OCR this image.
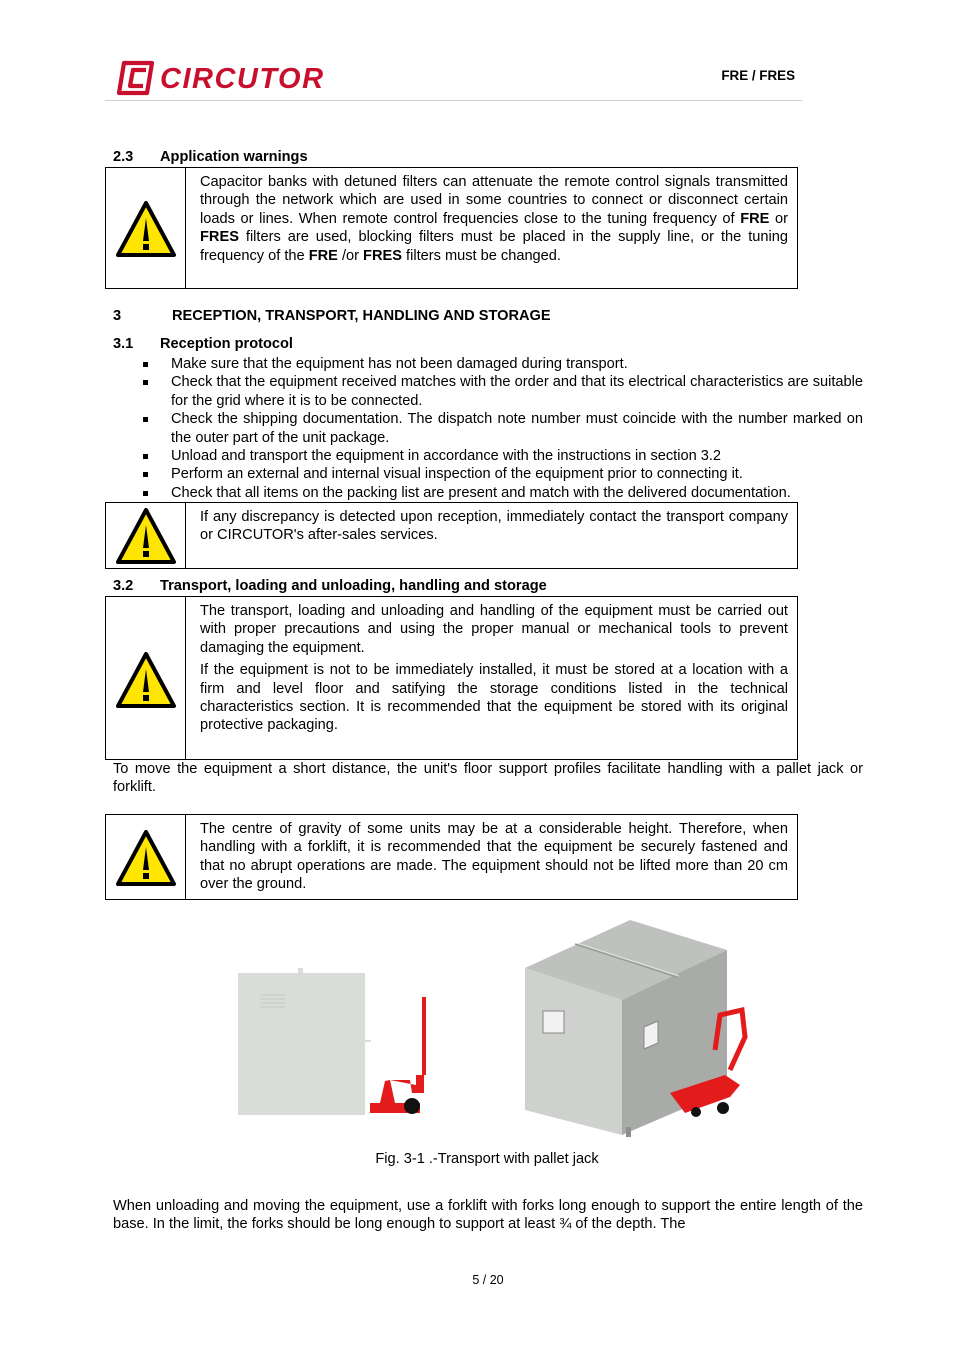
CIRCUTOR	FRE / FRES
2.3 Application warnings
Capacitor banks with detuned filters can attenuate the remote control signals transmitted through the network which are used in some countries to connect or disconnect certain loads or lines. When remote control frequencies close to the tuning frequency of FRE or FRES filters are used, blocking filters must be placed in the supply line, or the tuning frequency of the FRE /or FRES filters must be changed.
3	RECEPTION, TRANSPORT, HANDLING AND STORAGE
3.1 Reception protocol
Make sure that the equipment has not been damaged during transport.
Check that the equipment received matches with the order and that its electrical characteristics are suitable for the grid where it is to be connected.
Check the shipping documentation. The dispatch note number must coincide with the number marked on the outer part of the unit package.
Unload and transport the equipment in accordance with the instructions in section 3.2
Perform an external and internal visual inspection of the equipment prior to connecting it.
Check that all items on the packing list are present and match with the delivered documentation.
If any discrepancy is detected upon reception, immediately contact the transport company or CIRCUTOR's after-sales services.
3.2 Transport, loading and unloading, handling and storage

The transport, loading and unloading and handling of the equipment must be carried out with proper precautions and using the proper manual or mechanical tools to prevent damaging the equipment.

If the equipment is not to be immediately installed, it must be stored at a location with a firm and level floor and satifying the storage conditions listed in the technical characteristics section. It is recommended that the equipment be stored with its original protective packaging.

To move the equipment a short distance, the unit's floor support profiles facilitate handling with a pallet jack or forklift.
The centre of gravity of some units may be at a considerable height. Therefore, when handling with a forklift, it is recommended that the equipment be securely fastened and that no abrupt operations are made. The equipment should not be lifted more than 20 cm over the ground.
Fig. 3-1 .-Transport with pallet jack
When unloading and moving the equipment, use a forklift with forks long enough to support the entire length of the base. In the limit, the forks should be long enough to support at least ¾ of the depth. The
5 / 20
